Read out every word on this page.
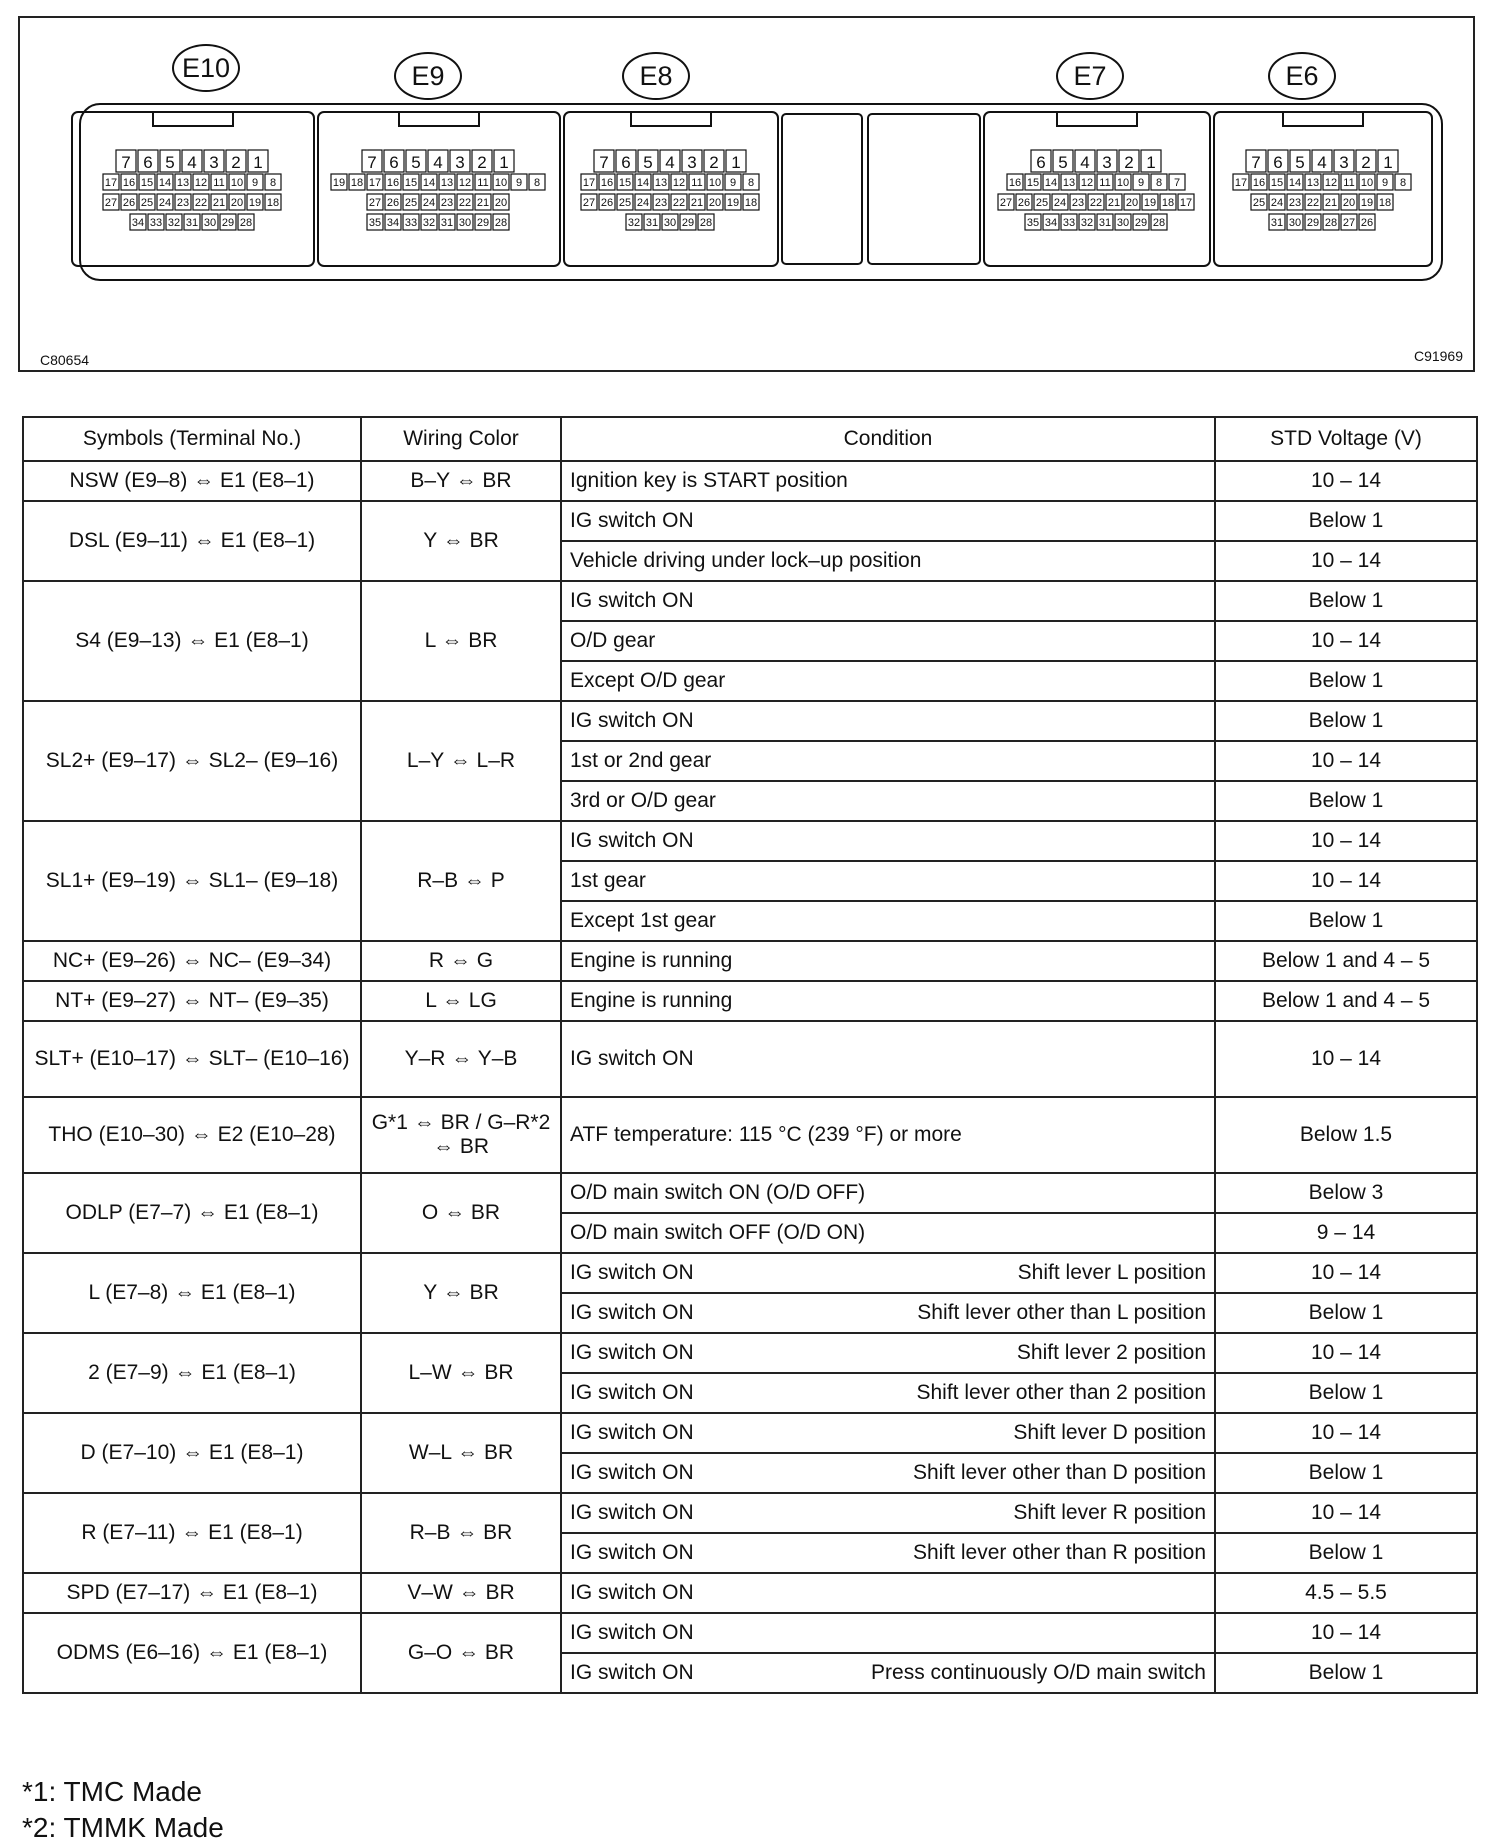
E10	E9	E8	E7	E6
7 6 5 4 3 2 1
17 16 15 14 13 12 11 10 9 8
27 26 25 24 23 22 21 20 19 18
34 33 32 31 30 29 28
7 6 5 4 3 2 1
19 18 17 16 15 14 13 12 11 10 9 8
27 26 25 24 23 22 21 20
35 34 33 32 31 30 29 28
7 6 5 4 3 2 1
17 16 15 14 13 12 11 10 9 8
27 26 25 24 23 22 21 20 19 18
32 31 30 29 28
6 5 4 3 2 1
16 15 14 13 12 11 10 9 8 7
27 26 25 24 23 22 21 20 19 18 17
35 34 33 32 31 30 29 28
7 6 5 4 3 2 1
17 16 15 14 13 12 11 10 9 8
25 24 23 22 21 20 19 18
31 30 29 28 27 26
C80654	C91969
Symbols (Terminal No.)	Wiring Color	Condition	STD Voltage (V)
NSW (E9–8) ⇔ E1 (E8–1)	B–Y ⇔ BR	Ignition key is START position	10 – 14
DSL (E9–11) ⇔ E1 (E8–1)	Y ⇔ BR	IG switch ON	Below 1
		Vehicle driving under lock–up position	10 – 14
S4 (E9–13) ⇔ E1 (E8–1)	L ⇔ BR	IG switch ON	Below 1
		O/D gear	10 – 14
		Except O/D gear	Below 1
SL2+ (E9–17) ⇔ SL2– (E9–16)	L–Y ⇔ L–R	IG switch ON	Below 1
		1st or 2nd gear	10 – 14
		3rd or O/D gear	Below 1
SL1+ (E9–19) ⇔ SL1– (E9–18)	R–B ⇔ P	IG switch ON	10 – 14
		1st gear	10 – 14
		Except 1st gear	Below 1
NC+ (E9–26) ⇔ NC– (E9–34)	R ⇔ G	Engine is running	Below 1 and 4 – 5
NT+ (E9–27) ⇔ NT– (E9–35)	L ⇔ LG	Engine is running	Below 1 and 4 – 5
SLT+ (E10–17) ⇔ SLT– (E10–16)	Y–R ⇔ Y–B	IG switch ON	10 – 14
THO (E10–30) ⇔ E2 (E10–28)	G*1 ⇔ BR / G–R*2 ⇔ BR	ATF temperature: 115 °C (239 °F) or more	Below 1.5
ODLP (E7–7) ⇔ E1 (E8–1)	O ⇔ BR	O/D main switch ON (O/D OFF)	Below 3
		O/D main switch OFF (O/D ON)	9 – 14
L (E7–8) ⇔ E1 (E8–1)	Y ⇔ BR	IG switch ON Shift lever L position	10 – 14
		IG switch ON Shift lever other than L position	Below 1
2 (E7–9) ⇔ E1 (E8–1)	L–W ⇔ BR	IG switch ON Shift lever 2 position	10 – 14
		IG switch ON Shift lever other than 2 position	Below 1
D (E7–10) ⇔ E1 (E8–1)	W–L ⇔ BR	IG switch ON Shift lever D position	10 – 14
		IG switch ON Shift lever other than D position	Below 1
R (E7–11) ⇔ E1 (E8–1)	R–B ⇔ BR	IG switch ON Shift lever R position	10 – 14
		IG switch ON Shift lever other than R position	Below 1
SPD (E7–17) ⇔ E1 (E8–1)	V–W ⇔ BR	IG switch ON	4.5 – 5.5
ODMS (E6–16) ⇔ E1 (E8–1)	G–O ⇔ BR	IG switch ON	10 – 14
		IG switch ON Press continuously O/D main switch	Below 1
*1: TMC Made
*2: TMMK Made
